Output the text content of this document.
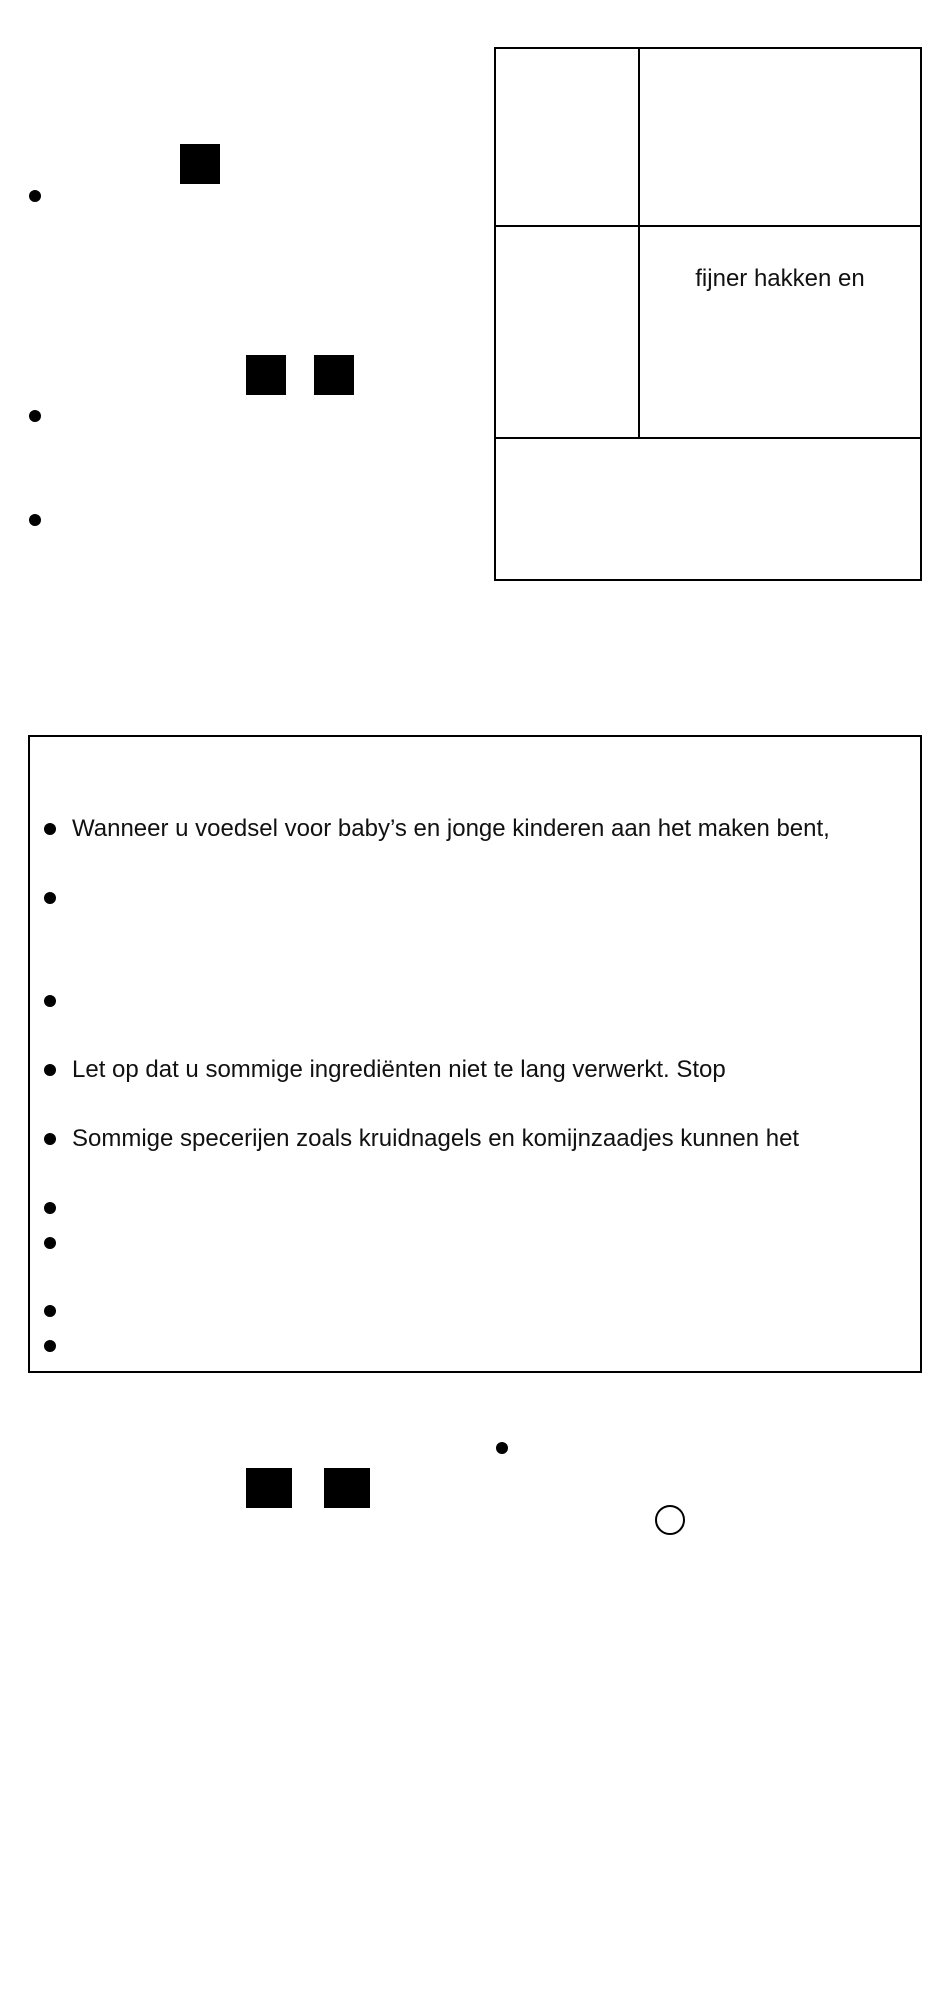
fijner hakken en
Wanneer u voedsel voor baby’s en jonge kinderen aan het maken bent,
Let op dat u sommige ingrediënten niet te lang verwerkt. Stop
Sommige specerijen zoals kruidnagels en komijnzaadjes kunnen het
